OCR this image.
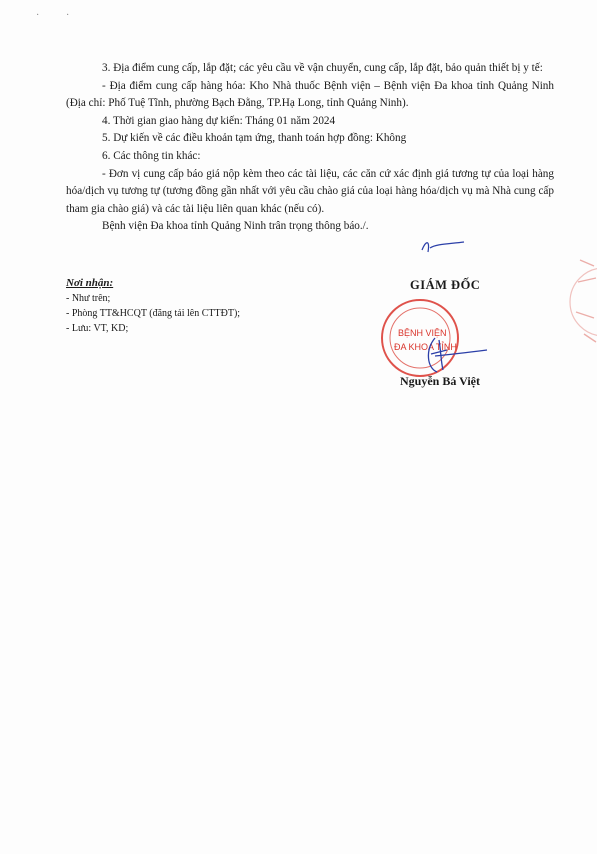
·	·

3. Địa điểm cung cấp, lắp đặt; các yêu cầu về vận chuyển, cung cấp, lắp đặt, bảo quản thiết bị y tế:

- Địa điểm cung cấp hàng hóa: Kho Nhà thuốc Bệnh viện – Bệnh viện Đa khoa tỉnh Quảng Ninh (Địa chỉ: Phố Tuệ Tĩnh, phường Bạch Đằng, TP.Hạ Long, tỉnh Quảng Ninh).

4. Thời gian giao hàng dự kiến: Tháng 01 năm 2024

5. Dự kiến về các điều khoản tạm ứng, thanh toán hợp đồng: Không

6. Các thông tin khác:

- Đơn vị cung cấp báo giá nộp kèm theo các tài liệu, các căn cứ xác định giá tương tự của loại hàng hóa/dịch vụ tương tự (tương đồng gần nhất với yêu cầu chào giá của loại hàng hóa/dịch vụ mà Nhà cung cấp tham gia chào giá) và các tài liệu liên quan khác (nếu có).

Bệnh viện Đa khoa tỉnh Quảng Ninh trân trọng thông báo./.

Nơi nhận:
- Như trên;
- Phòng TT&HCQT (đăng tải lên CTTĐT);
- Lưu: VT, KD;
GIÁM ĐỐC
BỆNH VIỆN
ĐA KHOA TỈNH
Nguyễn Bá Việt
